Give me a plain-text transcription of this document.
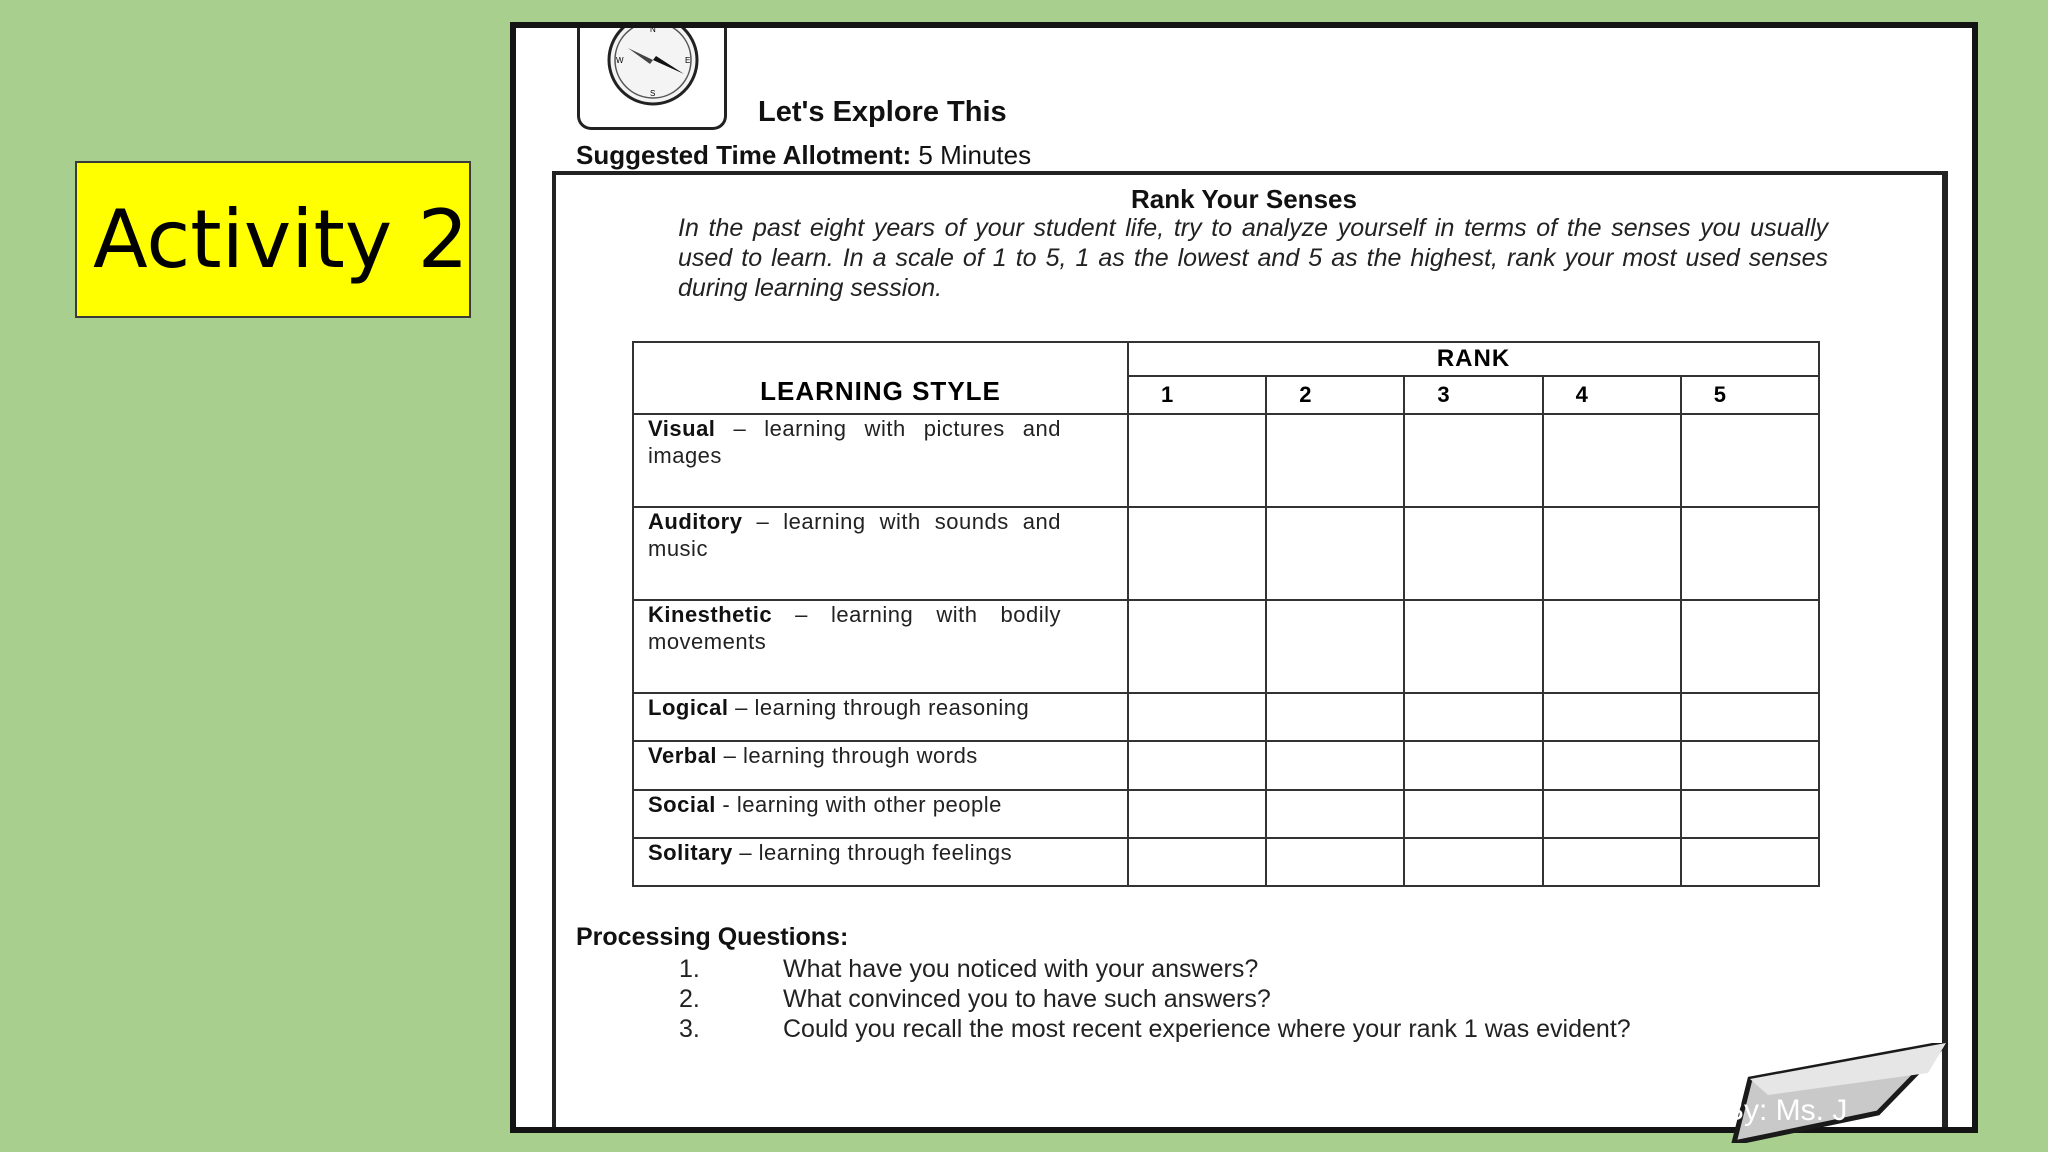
Activity 2
N
E
S
W
Let's Explore This
Suggested Time Allotment: 5 Minutes
Rank Your Senses
In the past eight years of your student life, try to analyze yourself in terms of the senses you usually used to learn. In a scale of 1 to 5, 1 as the lowest and 5 as the highest, rank your most used senses during learning session.
LEARNING STYLE	RANK				
	1	2	3	4	5
Visual – learning with pictures and images					
Auditory – learning with sounds and music					
Kinesthetic – learning with bodily movements					
Logical – learning through reasoning					
Verbal – learning through words					
Social - learning with other people					
Solitary – learning through feelings					
Processing Questions:
1.	What have you noticed with your answers?
2.	What convinced you to have such answers?
3.	Could you recall the most recent experience where your rank 1 was evident?
By: Ms. J
